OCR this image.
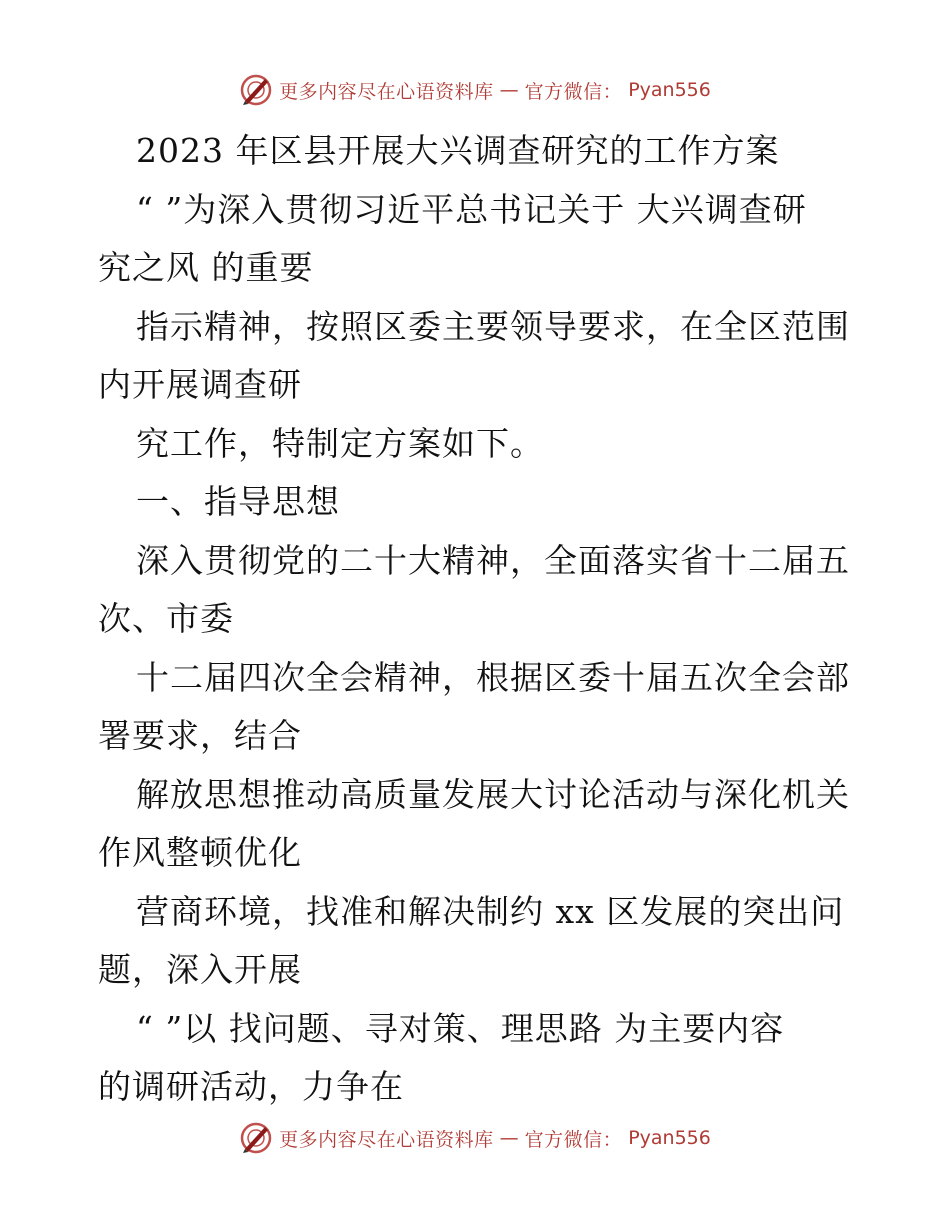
更多内容尽在心语资料库 — 官方微信： Pyan556
2023 年区县开展大兴调查研究的工作方案
“ ”为深入贯彻习近平总书记关于 大兴调查研
究之风 的重要
指示精神，按照区委主要领导要求，在全区范围
内开展调查研
究工作，特制定方案如下。
一、指导思想
深入贯彻党的二十大精神，全面落实省十二届五
次、市委
十二届四次全会精神，根据区委十届五次全会部
署要求，结合
解放思想推动高质量发展大讨论活动与深化机关
作风整顿优化
营商环境，找准和解决制约 xx 区发展的突出问
题，深入开展
“ ”以 找问题、寻对策、理思路 为主要内容
的调研活动，力争在
更多内容尽在心语资料库 — 官方微信： Pyan556
